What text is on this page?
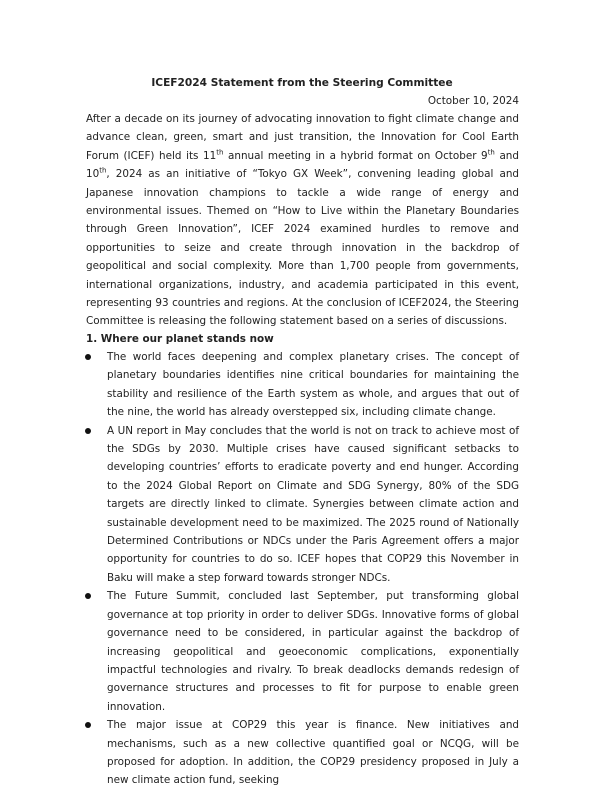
ICEF2024 Statement from the Steering Committee
October 10, 2024

After a decade on its journey of advocating innovation to fight climate change and advance clean, green, smart and just transition, the Innovation for Cool Earth Forum (ICEF) held its 11th annual meeting in a hybrid format on October 9th and 10th, 2024 as an initiative of “Tokyo GX Week”, convening leading global and Japanese innovation champions to tackle a wide range of energy and environmental issues. Themed on “How to Live within the Planetary Boundaries through Green Innovation”, ICEF 2024 examined hurdles to remove and opportunities to seize and create through innovation in the backdrop of geopolitical and social complexity. More than 1,700 people from governments, international organizations, industry, and academia participated in this event, representing 93 countries and regions. At the conclusion of ICEF2024, the Steering Committee is releasing the following statement based on a series of discussions.

1. Where our planet stands now
The world faces deepening and complex planetary crises. The concept of planetary boundaries identifies nine critical boundaries for maintaining the stability and resilience of the Earth system as whole, and argues that out of the nine, the world has already overstepped six, including climate change.
A UN report in May concludes that the world is not on track to achieve most of the SDGs by 2030. Multiple crises have caused significant setbacks to developing countries’ efforts to eradicate poverty and end hunger. According to the 2024 Global Report on Climate and SDG Synergy, 80% of the SDG targets are directly linked to climate. Synergies between climate action and sustainable development need to be maximized. The 2025 round of Nationally Determined Contributions or NDCs under the Paris Agreement offers a major opportunity for countries to do so. ICEF hopes that COP29 this November in Baku will make a step forward towards stronger NDCs.
The Future Summit, concluded last September, put transforming global governance at top priority in order to deliver SDGs. Innovative forms of global governance need to be considered, in particular against the backdrop of increasing geopolitical and geoeconomic complications, exponentially impactful technologies and rivalry. To break deadlocks demands redesign of governance structures and processes to fit for purpose to enable green innovation.
The major issue at COP29 this year is finance. New initiatives and mechanisms, such as a new collective quantified goal or NCQG, will be proposed for adoption. In addition, the COP29 presidency proposed in July a new climate action fund, seeking
